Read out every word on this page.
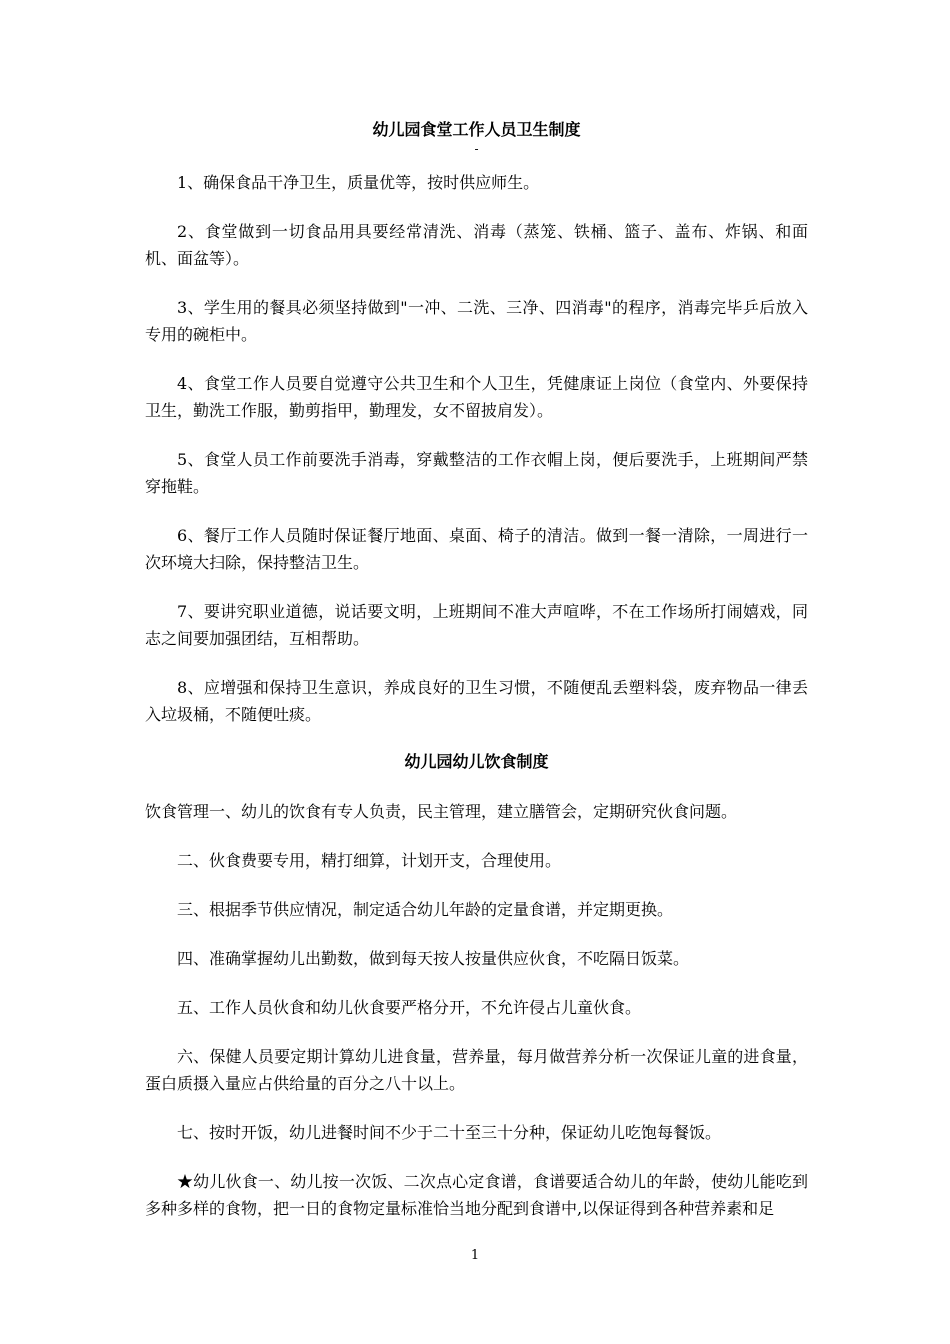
幼儿园食堂工作人员卫生制度
-

1、确保食品干净卫生，质量优等，按时供应师生。

2、食堂做到一切食品用具要经常清洗、消毒（蒸笼、铁桶、篮子、盖布、炸锅、和面机、面盆等）。

3、学生用的餐具必须坚持做到"一冲、二洗、三净、四消毒"的程序，消毒完毕乒后放入专用的碗柜中。

4、食堂工作人员要自觉遵守公共卫生和个人卫生，凭健康证上岗位（食堂内、外要保持卫生，勤洗工作服，勤剪指甲，勤理发，女不留披肩发）。

5、食堂人员工作前要洗手消毒，穿戴整洁的工作衣帽上岗，便后要洗手，上班期间严禁穿拖鞋。

6、餐厅工作人员随时保证餐厅地面、桌面、椅子的清洁。做到一餐一清除，一周进行一次环境大扫除，保持整洁卫生。

7、要讲究职业道德，说话要文明，上班期间不准大声喧哗，不在工作场所打闹嬉戏，同志之间要加强团结，互相帮助。

8、应增强和保持卫生意识，养成良好的卫生习惯，不随便乱丢塑料袋，废弃物品一律丢入垃圾桶，不随便吐痰。

幼儿园幼儿饮食制度

饮食管理一、幼儿的饮食有专人负责，民主管理，建立膳管会，定期研究伙食问题。

二、伙食费要专用，精打细算，计划开支，合理使用。

三、根据季节供应情况，制定适合幼儿年龄的定量食谱，并定期更换。

四、准确掌握幼儿出勤数，做到每天按人按量供应伙食，不吃隔日饭菜。

五、工作人员伙食和幼儿伙食要严格分开，不允许侵占儿童伙食。

六、保健人员要定期计算幼儿进食量，营养量，每月做营养分析一次保证儿童的进食量，蛋白质摄入量应占供给量的百分之八十以上。

七、按时开饭，幼儿进餐时间不少于二十至三十分种，保证幼儿吃饱每餐饭。

★幼儿伙食一、幼儿按一次饭、二次点心定食谱，食谱要适合幼儿的年龄，使幼儿能吃到多种多样的食物，把一日的食物定量标准恰当地分配到食谱中,以保证得到各种营养素和足

1
